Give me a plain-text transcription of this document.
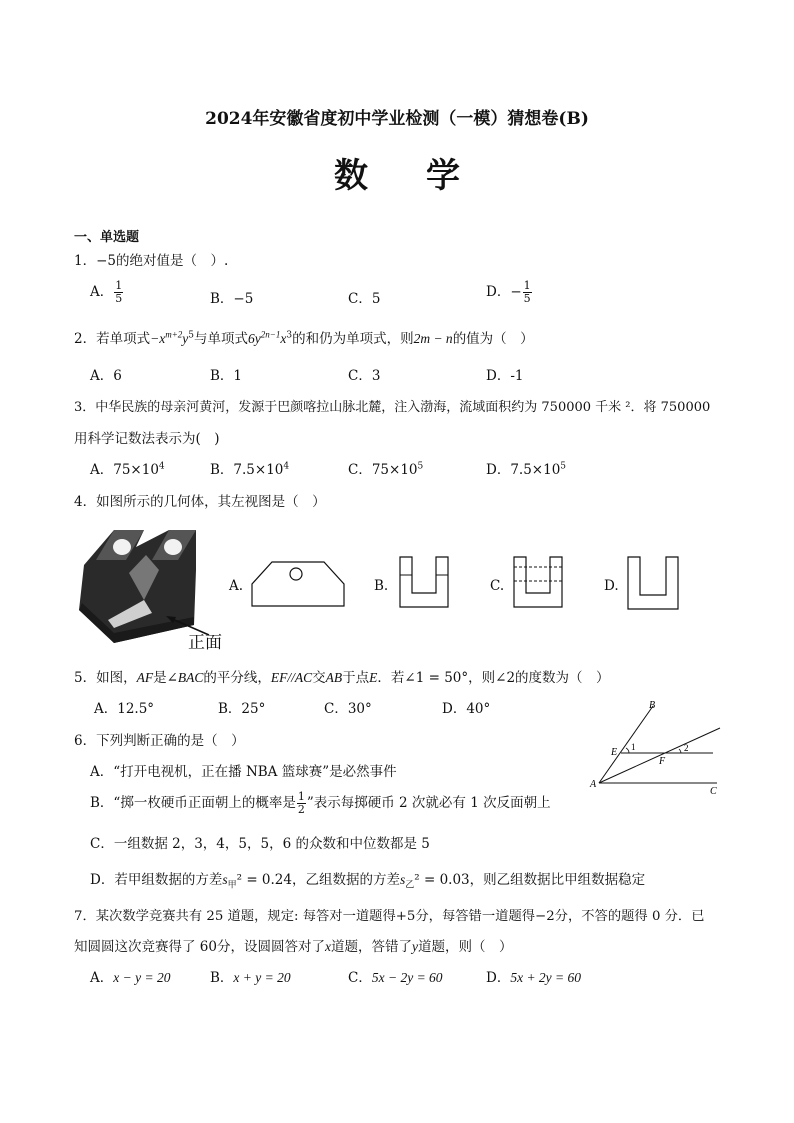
2024年安徽省度初中学业检测（一模）猜想卷(B)
数学
一、单选题
1．−5的绝对值是（　）.
A． $\frac{1}{5}$	B．−5	C．5	D．− $\frac{1}{5}$
2．若单项式$-x^{m+2}y^5$与单项式$6y^{2n-1}x^3$的和仍为单项式，则2m − n的值为（　）
A．6	B．1	C．3	D．-1
3．中华民族的母亲河黄河，发源于巴颜喀拉山脉北麓，注入渤海，流域面积约为 750000 千米 ²．将 750000
用科学记数法表示为(　)
A．$75\times 10^4$	B．$7.5\times 10^4$	C．$75\times 10^5$	D．$7.5\times 10^5$
4．如图所示的几何体，其左视图是（　）
正面
A.	B.	C.	D.
5．如图，AF是∠BAC的平分线，EF//AC交AB于点E．若∠1 = 50°，则∠2的度数为（　）
A．12.5°	B．25°	C．30°	D．40°	B
E 1
F
2
A
C
6．下列判断正确的是（　）
A．“打开电视机，正在播 NBA 篮球赛”是必然事件
B．“掷一枚硬币正面朝上的概率是 $\frac{1}{2}$ ”表示每掷硬币 2 次就必有 1 次反面朝上
C．一组数据 2，3，4，5，5，6 的众数和中位数都是 5
D．若甲组数据的方差$s_甲^2 = 0.24$，乙组数据的方差$s_乙^2 = 0.03$，则乙组数据比甲组数据稳定
7．某次数学竞赛共有 25 道题，规定: 每答对一道题得+5分，每答错一道题得−2分，不答的题得 0 分．已
知圆圆这次竞赛得了 60分，设圆圆答对了x道题，答错了y道题，则（　）
A．x − y = 20	B．x + y = 20	C．5x − 2y = 60	D．5x + 2y = 60
